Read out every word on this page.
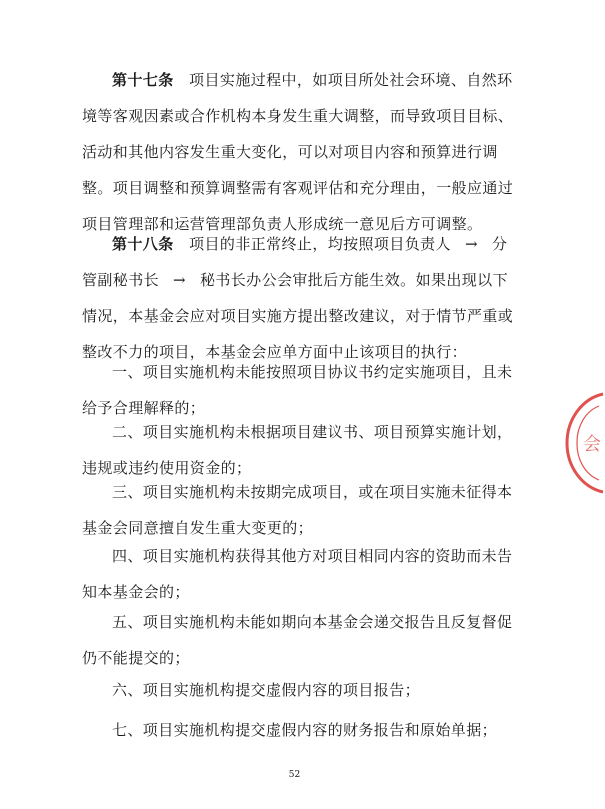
第十七条 项目实施过程中，如项目所处社会环境、自然环
境等客观因素或合作机构本身发生重大调整，而导致项目目标、
活动和其他内容发生重大变化，可以对项目内容和预算进行调
整。项目调整和预算调整需有客观评估和充分理由，一般应通过
项目管理部和运营管理部负责人形成统一意见后方可调整。
第十八条 项目的非正常终止，均按照项目负责人 → 分
管副秘书长 → 秘书长办公会审批后方能生效。如果出现以下
情况，本基金会应对项目实施方提出整改建议，对于情节严重或
整改不力的项目，本基金会应单方面中止该项目的执行：
一、项目实施机构未能按照项目协议书约定实施项目，且未
给予合理解释的；
二、项目实施机构未根据项目建议书、项目预算实施计划，
违规或违约使用资金的；
三、项目实施机构未按期完成项目，或在项目实施未征得本
基金会同意擅自发生重大变更的；
四、项目实施机构获得其他方对项目相同内容的资助而未告
知本基金会的；
五、项目实施机构未能如期向本基金会递交报告且反复督促
仍不能提交的；
六、项目实施机构提交虚假内容的项目报告；
七、项目实施机构提交虚假内容的财务报告和原始单据；
52
会
